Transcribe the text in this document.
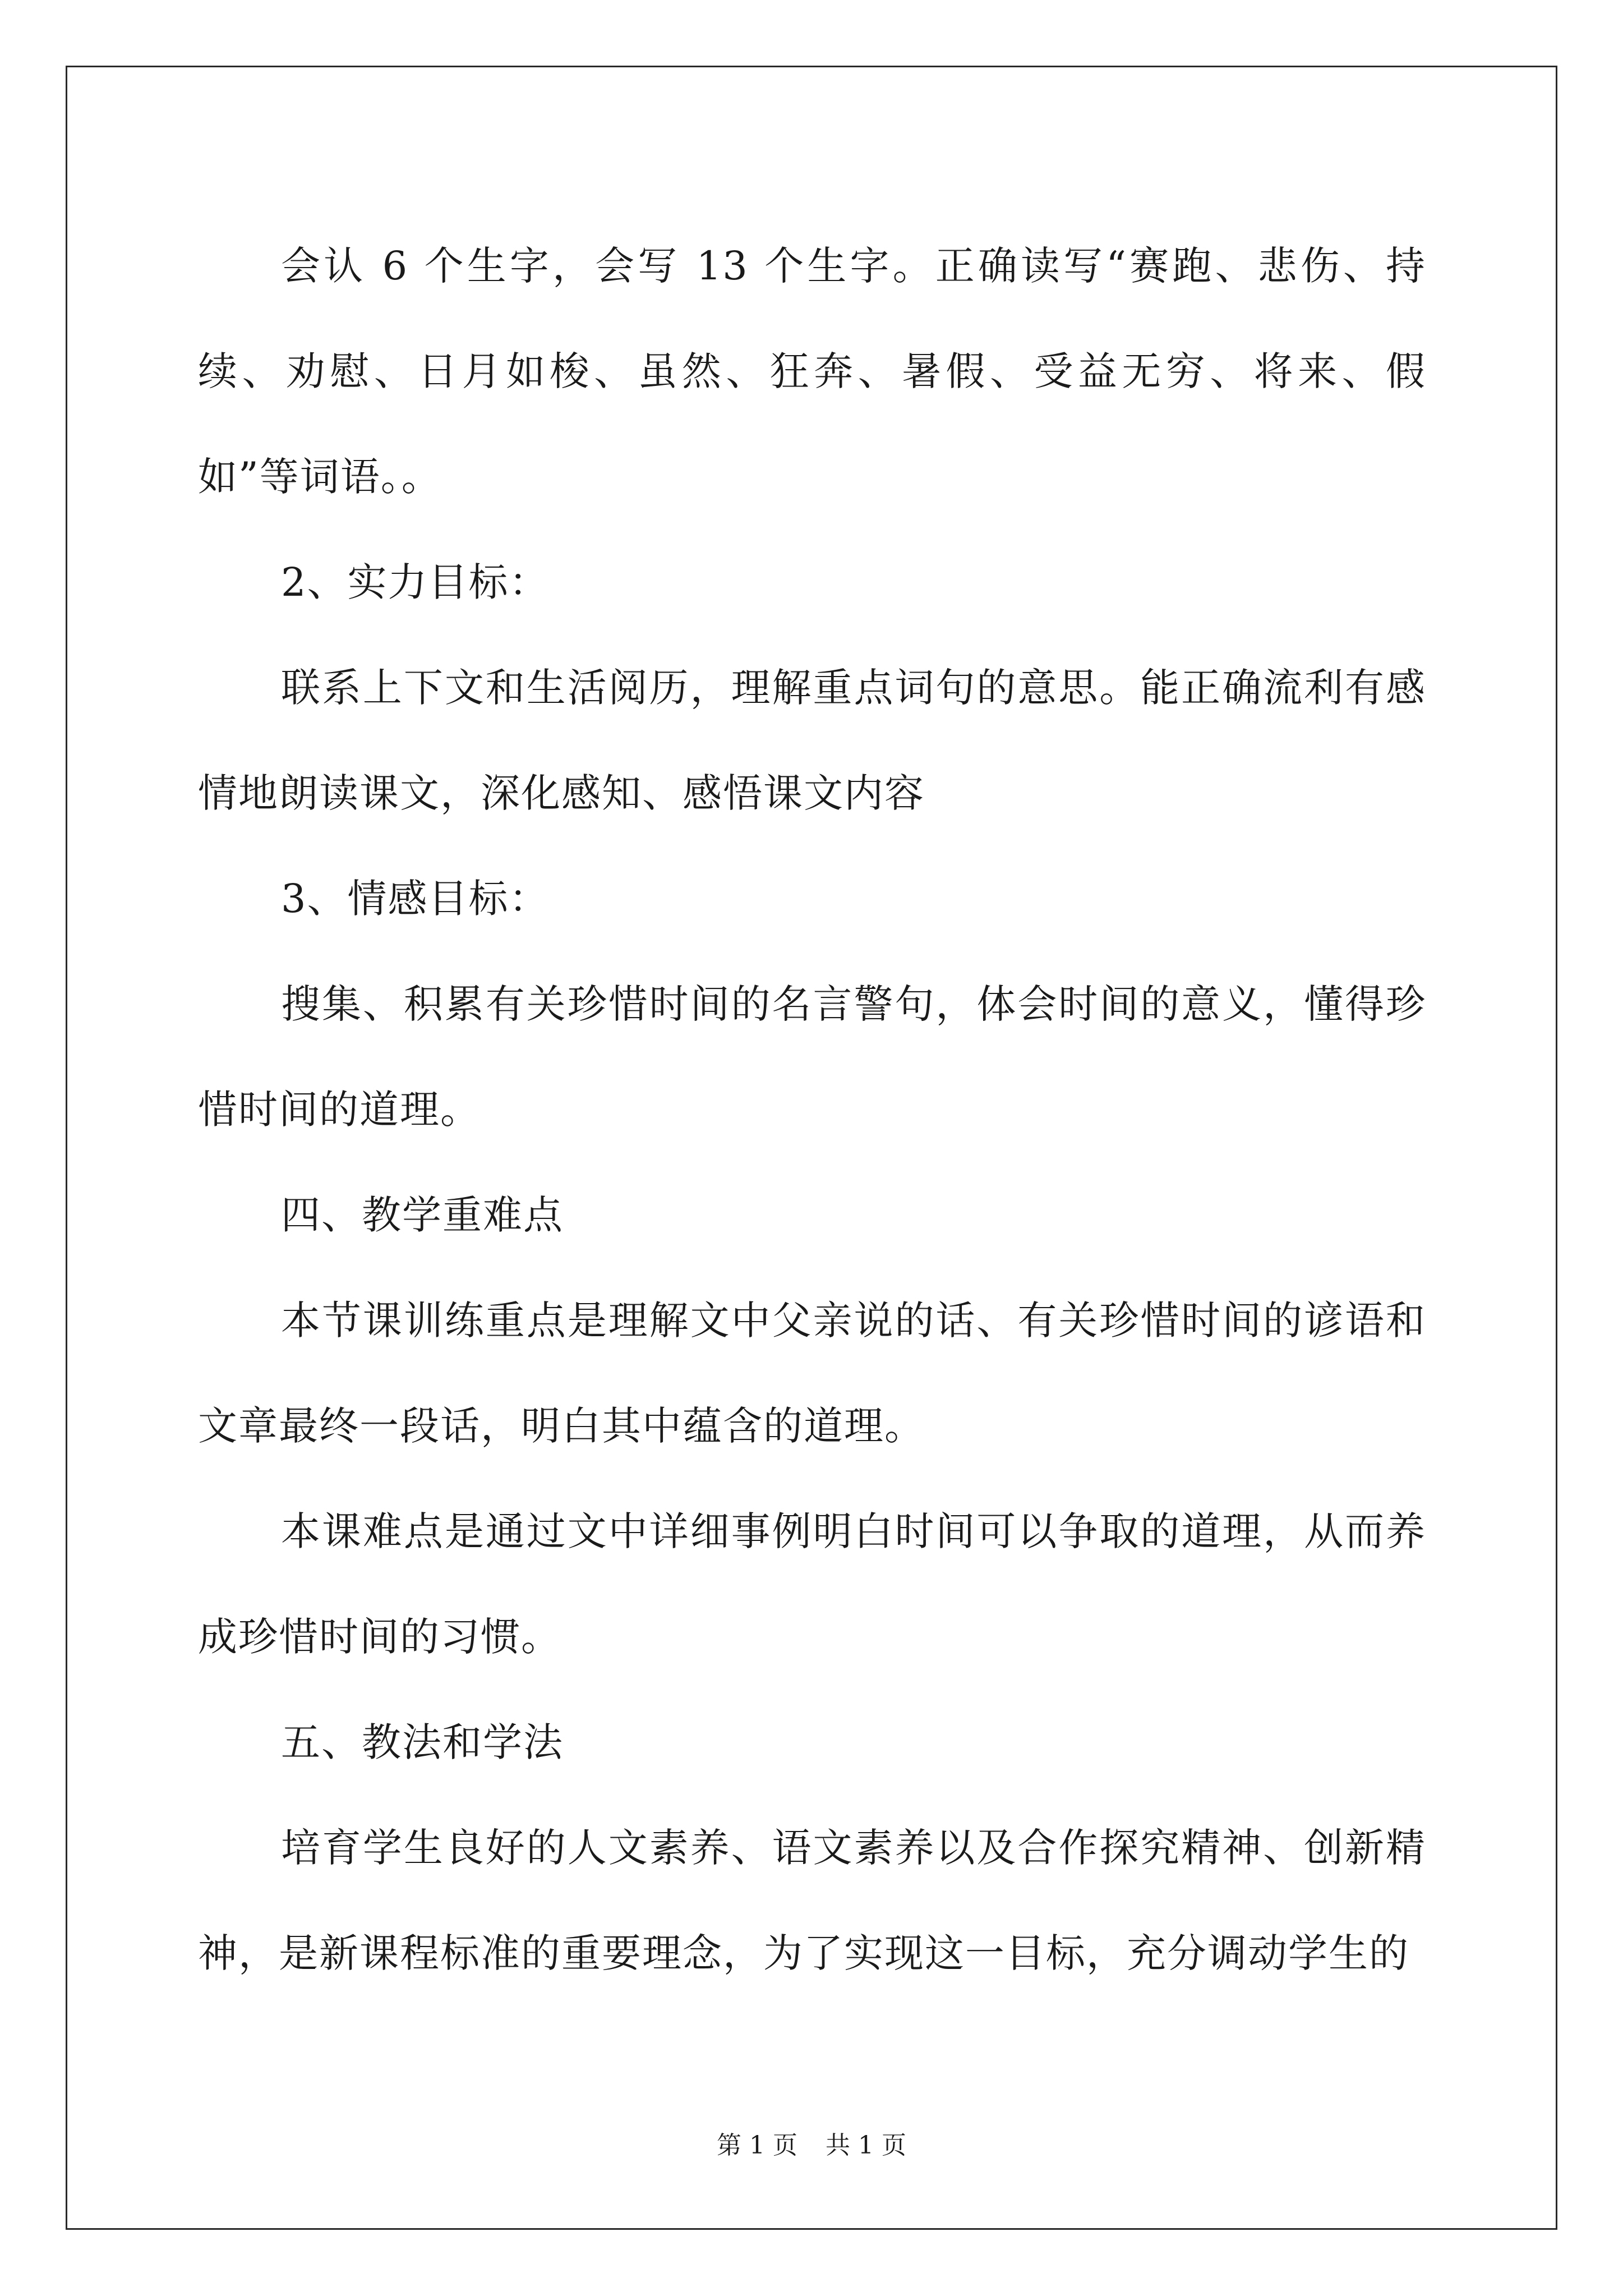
会认 6 个生字，会写 13 个生字。正确读写“赛跑、悲伤、持续、劝慰、日月如梭、虽然、狂奔、暑假、受益无穷、将来、假如”等词语。。

2、实力目标：

联系上下文和生活阅历，理解重点词句的意思。能正确流利有感情地朗读课文，深化感知、感悟课文内容

3、情感目标：

搜集、积累有关珍惜时间的名言警句，体会时间的意义，懂得珍惜时间的道理。

四、教学重难点

本节课训练重点是理解文中父亲说的话、有关珍惜时间的谚语和文章最终一段话，明白其中蕴含的道理。

本课难点是通过文中详细事例明白时间可以争取的道理，从而养成珍惜时间的习惯。

五、教法和学法

培育学生良好的人文素养、语文素养以及合作探究精神、创新精神，是新课程标准的重要理念，为了实现这一目标，充分调动学生的

第 1 页 共 1 页
